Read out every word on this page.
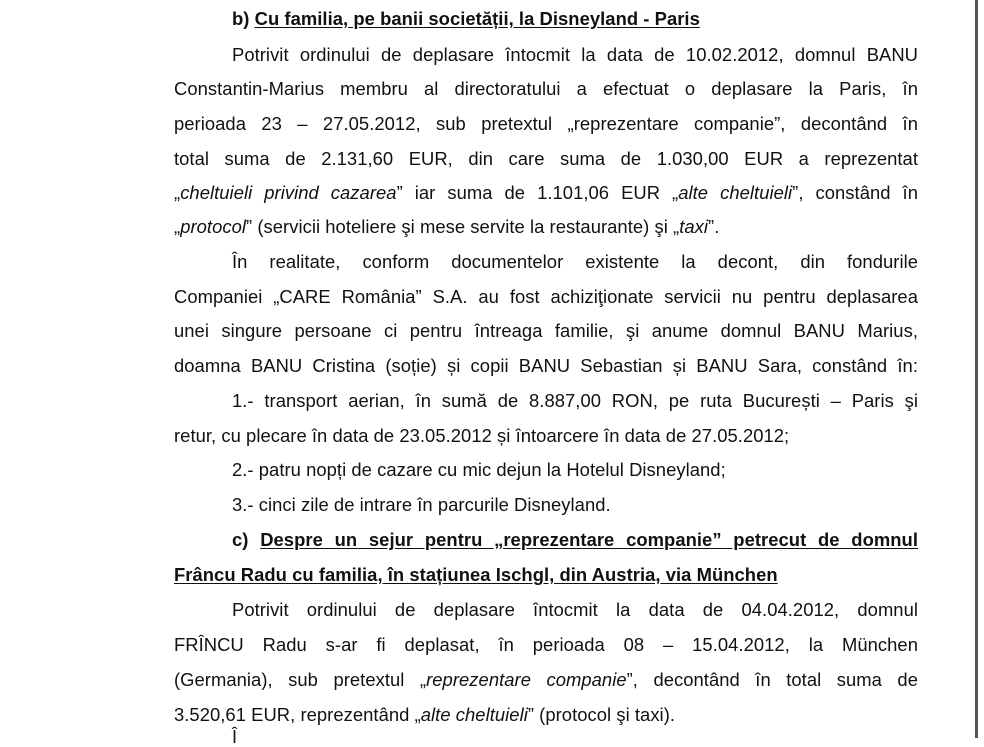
b) Cu familia, pe banii societății, la Disneyland - Paris
Potrivit ordinului de deplasare întocmit la data de 10.02.2012, domnul BANU
Constantin-Marius membru al directoratului a efectuat o deplasare la Paris, în
perioada 23 – 27.05.2012, sub pretextul „reprezentare companie”, decontând în
total suma de 2.131,60 EUR, din care suma de 1.030,00 EUR a reprezentat
„cheltuieli privind cazarea” iar suma de 1.101,06 EUR „alte cheltuieli”, constând în
„protocol” (servicii hoteliere şi mese servite la restaurante) şi „taxi”.
În realitate, conform documentelor existente la decont, din fondurile
Companiei „CARE România” S.A. au fost achiziţionate servicii nu pentru deplasarea
unei singure persoane ci pentru întreaga familie, şi anume domnul BANU Marius,
doamna BANU Cristina (soție) și copii BANU Sebastian și BANU Sara, constând în:
1.- transport aerian, în sumă de 8.887,00 RON, pe ruta București – Paris şi
retur, cu plecare în data de 23.05.2012 și întoarcere în data de 27.05.2012;
2.- patru nopți de cazare cu mic dejun la Hotelul Disneyland;
3.- cinci zile de intrare în parcurile Disneyland.
c) Despre un sejur pentru „reprezentare companie” petrecut de domnul
Frâncu Radu cu familia, în stațiunea Ischgl, din Austria, via München
Potrivit ordinului de deplasare întocmit la data de 04.04.2012, domnul
FRÎNCU Radu s-ar fi deplasat, în perioada 08 – 15.04.2012, la München
(Germania), sub pretextul „reprezentare companie”, decontând în total suma de
3.520,61 EUR, reprezentând „alte cheltuieli” (protocol şi taxi).
Î
